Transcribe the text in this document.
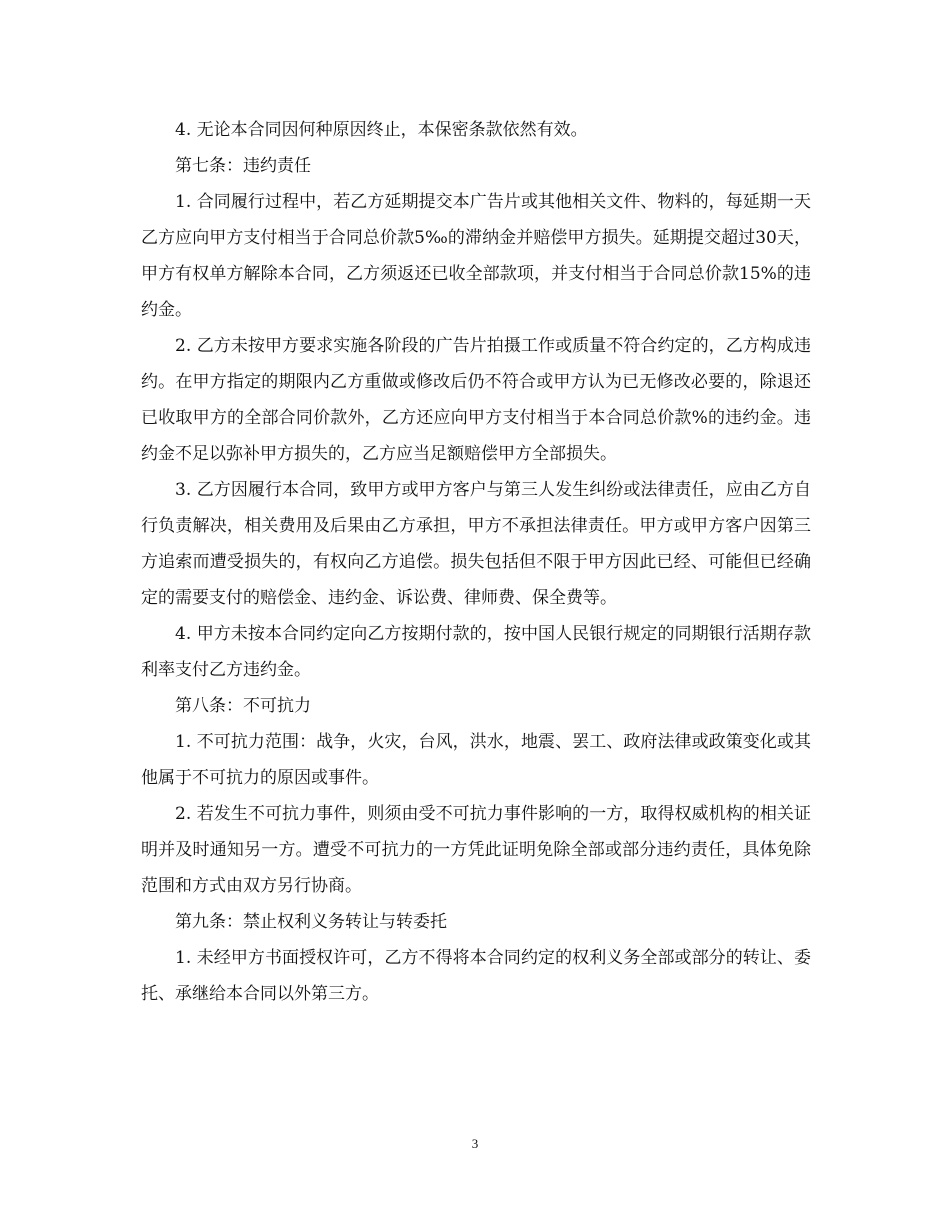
4. 无论本合同因何种原因终止，本保密条款依然有效。

第七条：违约责任

1. 合同履行过程中，若乙方延期提交本广告片或其他相关文件、物料的，每延期一天乙方应向甲方支付相当于合同总价款5‰的滞纳金并赔偿甲方损失。延期提交超过30天，甲方有权单方解除本合同，乙方须返还已收全部款项，并支付相当于合同总价款15%的违约金。

2. 乙方未按甲方要求实施各阶段的广告片拍摄工作或质量不符合约定的，乙方构成违约。在甲方指定的期限内乙方重做或修改后仍不符合或甲方认为已无修改必要的，除退还已收取甲方的全部合同价款外，乙方还应向甲方支付相当于本合同总价款%的违约金。违约金不足以弥补甲方损失的，乙方应当足额赔偿甲方全部损失。

3. 乙方因履行本合同，致甲方或甲方客户与第三人发生纠纷或法律责任，应由乙方自行负责解决，相关费用及后果由乙方承担，甲方不承担法律责任。甲方或甲方客户因第三方追索而遭受损失的，有权向乙方追偿。损失包括但不限于甲方因此已经、可能但已经确定的需要支付的赔偿金、违约金、诉讼费、律师费、保全费等。

4. 甲方未按本合同约定向乙方按期付款的，按中国人民银行规定的同期银行活期存款利率支付乙方违约金。

第八条：不可抗力

1. 不可抗力范围：战争，火灾，台风，洪水，地震、罢工、政府法律或政策变化或其他属于不可抗力的原因或事件。

2. 若发生不可抗力事件，则须由受不可抗力事件影响的一方，取得权威机构的相关证明并及时通知另一方。遭受不可抗力的一方凭此证明免除全部或部分违约责任，具体免除范围和方式由双方另行协商。

第九条：禁止权利义务转让与转委托

1. 未经甲方书面授权许可，乙方不得将本合同约定的权利义务全部或部分的转让、委托、承继给本合同以外第三方。

3
